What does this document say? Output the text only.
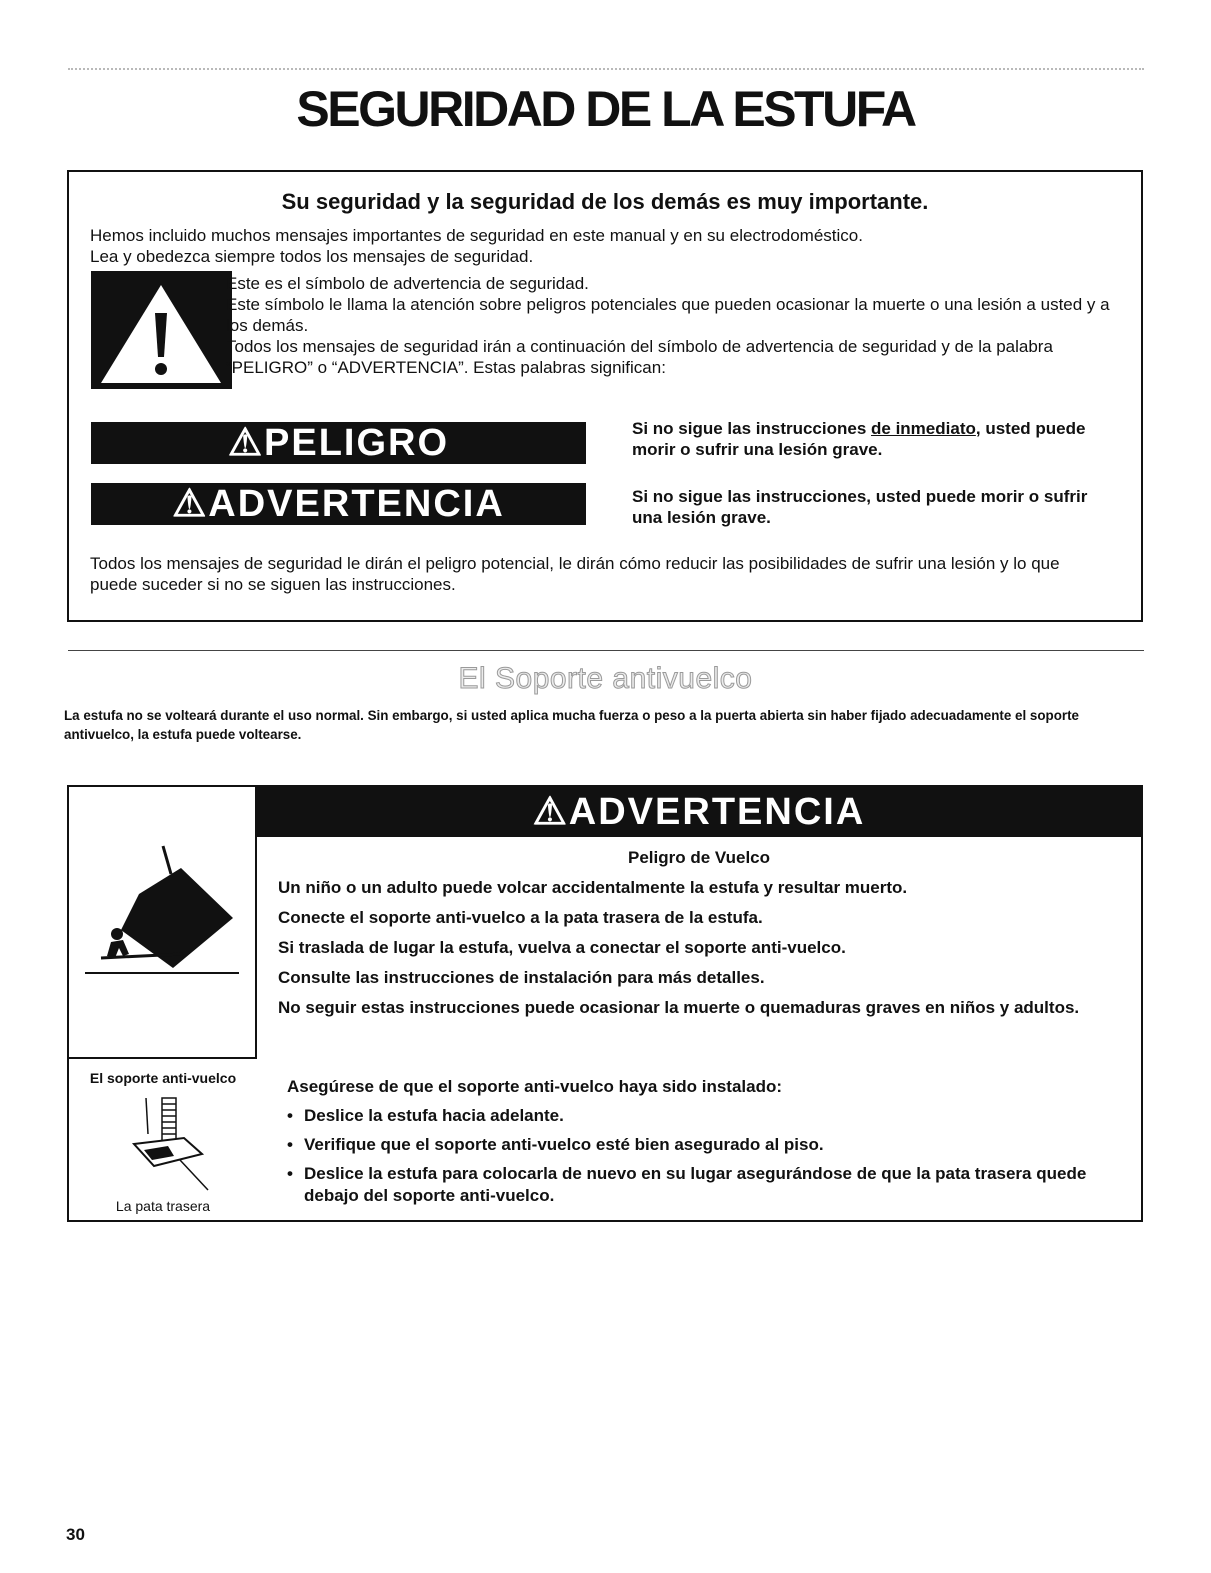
SEGURIDAD DE LA ESTUFA
Su seguridad y la seguridad de los demás es muy importante.
Hemos incluido muchos mensajes importantes de seguridad en este manual y en su electrodoméstico.
Lea y obedezca siempre todos los mensajes de seguridad.
Este es el símbolo de advertencia de seguridad.
Este símbolo le llama la atención sobre peligros potenciales que pueden ocasionar la muerte o una lesión a usted y a los demás.
Todos los mensajes de seguridad irán a continuación del símbolo de advertencia de seguridad y de la palabra “PELIGRO” o “ADVERTENCIA”. Estas palabras significan:
⚠PELIGRO	Si no sigue las instrucciones de inmediato, usted puede morir o sufrir una lesión grave.
⚠ADVERTENCIA	Si no sigue las instrucciones, usted puede morir o sufrir una lesión grave.
Todos los mensajes de seguridad le dirán el peligro potencial, le dirán cómo reducir las posibilidades de sufrir una lesión y lo que puede suceder si no se siguen las instrucciones.
El Soporte antivuelco
La estufa no se volteará durante el uso normal. Sin embargo, si usted aplica mucha fuerza o peso a la puerta abierta sin haber fijado adecuadamente el soporte antivuelco, la estufa puede voltearse.
⚠ADVERTENCIA
Peligro de Vuelco
Un niño o un adulto puede volcar accidentalmente la estufa y resultar muerto.
Conecte el soporte anti-vuelco a la pata trasera de la estufa.
Si traslada de lugar la estufa, vuelva a conectar el soporte anti-vuelco.
Consulte las instrucciones de instalación para más detalles.
No seguir estas instrucciones puede ocasionar la muerte o quemaduras graves en niños y adultos.
El soporte anti-vuelco
La pata trasera
Asegúrese de que el soporte anti-vuelco haya sido instalado:
• Deslice la estufa hacia adelante.
• Verifique que el soporte anti-vuelco esté bien asegurado al piso.
• Deslice la estufa para colocarla de nuevo en su lugar asegurándose de que la pata trasera quede debajo del soporte anti-vuelco.
30
